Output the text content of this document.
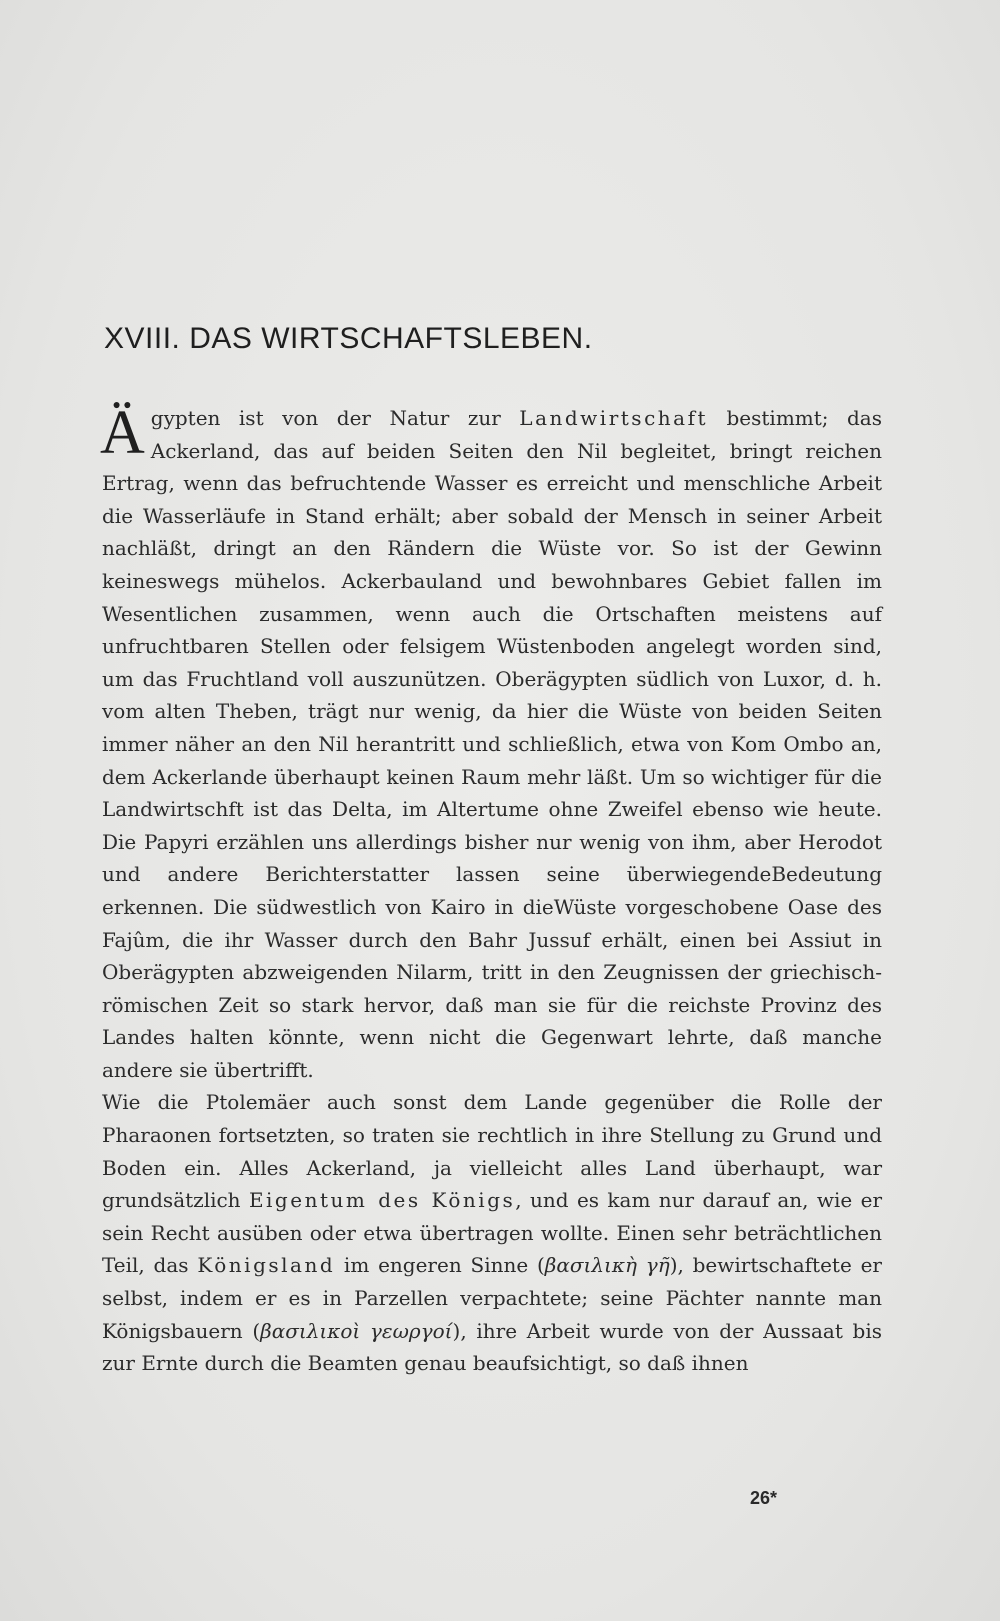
XVIII. DAS WIRTSCHAFTSLEBEN.

Ägypten ist von der Natur zur Landwirtschaft bestimmt; das Ackerland, das auf beiden Seiten den Nil begleitet, bringt reichen Ertrag, wenn das befruchtende Wasser es erreicht und menschliche Arbeit die Wasserläufe in Stand erhält; aber sobald der Mensch in seiner Arbeit nachläßt, dringt an den Rändern die Wüste vor. So ist der Gewinn keineswegs mühelos. Ackerbauland und bewohnbares Gebiet fallen im Wesentlichen zusammen, wenn auch die Ortschaften meistens auf unfruchtbaren Stellen oder felsigem Wüstenboden angelegt worden sind, um das Fruchtland voll auszunützen. Oberägypten südlich von Luxor, d. h. vom alten Theben, trägt nur wenig, da hier die Wüste von beiden Seiten immer näher an den Nil herantritt und schließlich, etwa von Kom Ombo an, dem Ackerlande überhaupt keinen Raum mehr läßt. Um so wichtiger für die Landwirtschft ist das Delta, im Altertume ohne Zweifel ebenso wie heute. Die Papyri erzählen uns allerdings bisher nur wenig von ihm, aber Herodot und andere Berichterstatter lassen seine überwiegendeBedeutung erkennen. Die südwestlich von Kairo in dieWüste vorgeschobene Oase des Fajûm, die ihr Wasser durch den Bahr Jussuf erhält, einen bei Assiut in Oberägypten abzweigenden Nilarm, tritt in den Zeugnissen der griechisch-römischen Zeit so stark hervor, daß man sie für die reichste Provinz des Landes halten könnte, wenn nicht die Gegenwart lehrte, daß manche andere sie übertrifft.

Wie die Ptolemäer auch sonst dem Lande gegenüber die Rolle der Pharaonen fortsetzten, so traten sie rechtlich in ihre Stellung zu Grund und Boden ein. Alles Ackerland, ja vielleicht alles Land überhaupt, war grundsätzlich Eigentum des Königs, und es kam nur darauf an, wie er sein Recht ausüben oder etwa übertragen wollte. Einen sehr beträchtlichen Teil, das Königsland im engeren Sinne (βασιλικὴ γῆ), bewirtschaftete er selbst, indem er es in Parzellen verpachtete; seine Pächter nannte man Königsbauern (βασιλικοὶ γεωργοί), ihre Arbeit wurde von der Aussaat bis zur Ernte durch die Beamten genau beaufsichtigt, so daß ihnen

26*
